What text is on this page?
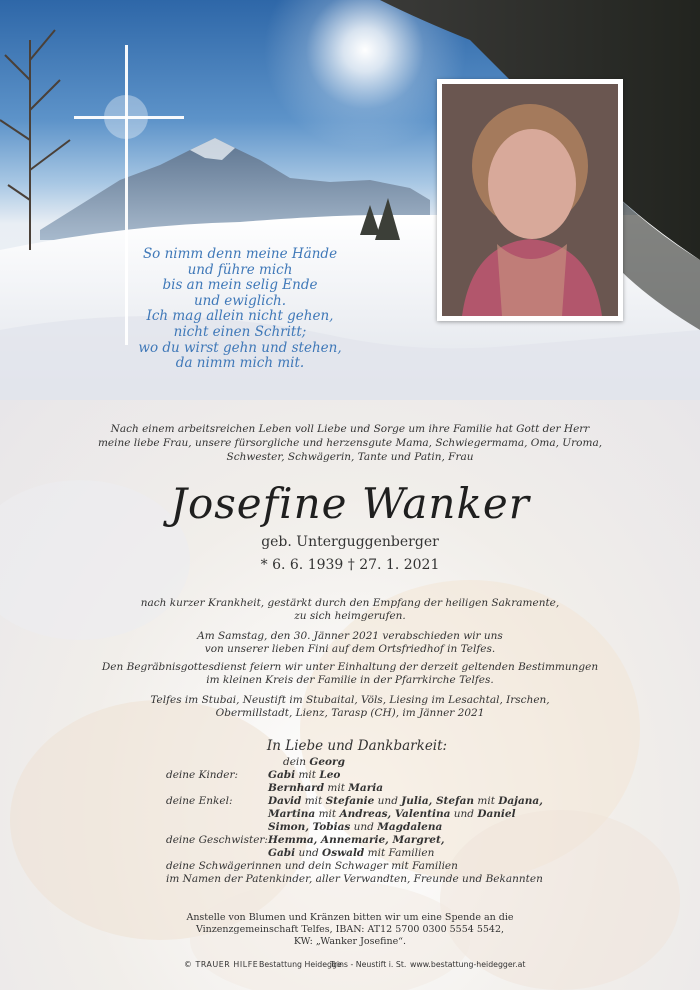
So nimm denn meine Hände
und führe mich
bis an mein selig Ende
und ewiglich.
Ich mag allein nicht gehen,
nicht einen Schritt;
wo du wirst gehn und stehen,
da nimm mich mit.
Nach einem arbeitsreichen Leben voll Liebe und Sorge um ihre Familie hat Gott der Herr
meine liebe Frau, unsere fürsorgliche und herzensgute Mama, Schwiegermama, Oma, Uroma,
Schwester, Schwägerin, Tante und Patin, Frau
Josefine Wanker
geb. Unterguggenberger
* 6. 6. 1939 † 27. 1. 2021
nach kurzer Krankheit, gestärkt durch den Empfang der heiligen Sakramente,
zu sich heimgerufen.
Am Samstag, den 30. Jänner 2021 verabschieden wir uns
von unserer lieben Fini auf dem Ortsfriedhof in Telfes.
Den Begräbnisgottesdienst feiern wir unter Einhaltung der derzeit geltenden Bestimmungen
im kleinen Kreis der Familie in der Pfarrkirche Telfes.
Telfes im Stubai, Neustift im Stubaital, Völs, Liesing im Lesachtal, Irschen,
Obermillstadt, Lienz, Tarasp (CH), im Jänner 2021
In Liebe und Dankbarkeit:
dein Georg
deine Kinder:	Gabi mit Leo
Bernhard mit Maria
deine Enkel:	David mit Stefanie und Julia, Stefan mit Dajana,
Martina mit Andreas, Valentina und Daniel
Simon, Tobias und Magdalena
deine Geschwister: Hemma, Annemarie, Margret,
Gabi und Oswald mit Familien
deine Schwägerinnen und dein Schwager mit Familien
im Namen der Patenkinder, aller Verwandten, Freunde und Bekannten
Anstelle von Blumen und Kränzen bitten wir um eine Spende an die
Vinzenzgemeinschaft Telfes, IBAN: AT12 5700 0300 5554 5542,
KW: „Wanker Josefine“.
© TRAUER HILFE Bestattung Heidegge
Trins - Neustift i. St. www.bestattung-heidegger.at
